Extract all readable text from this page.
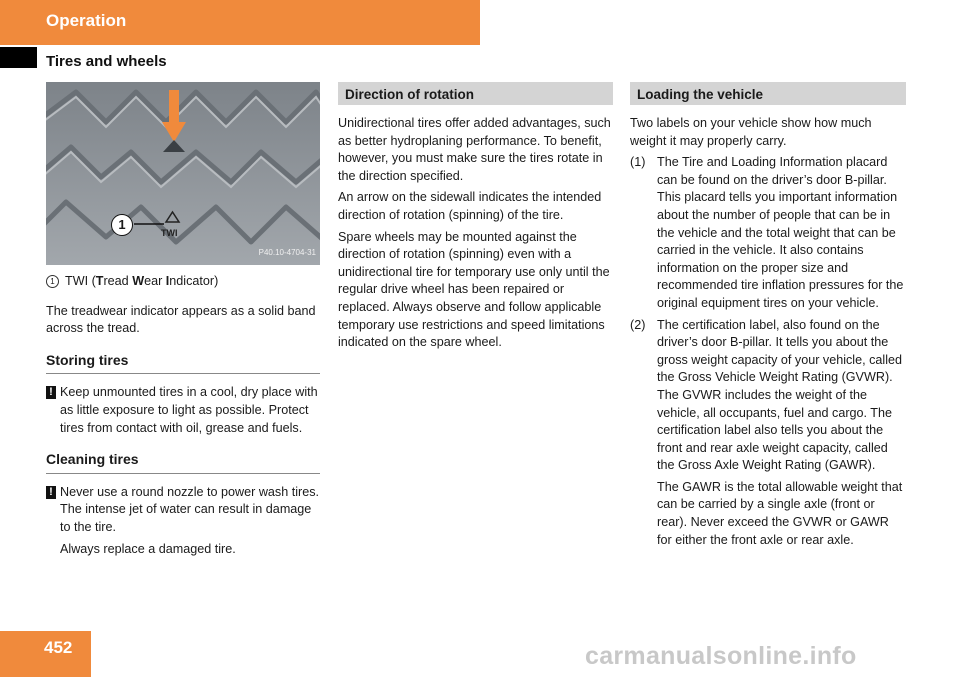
Operation
Tires and wheels
1
TWI
P40.10-4704-31

1 TWI (Tread Wear Indicator)

The treadwear indicator appears as a solid band across the tread.

Storing tires
! Keep unmounted tires in a cool, dry place with as little exposure to light as possible. Protect tires from contact with oil, grease and fuels.
Cleaning tires
! Never use a round nozzle to power wash tires. The intense jet of water can result in damage to the tire.

Always replace a damaged tire.

Direction of rotation

Unidirectional tires offer added advantages, such as better hydroplaning performance. To benefit, however, you must make sure the tires rotate in the direction specified.

An arrow on the sidewall indicates the intended direction of rotation (spinning) of the tire.

Spare wheels may be mounted against the direction of rotation (spinning) even with a unidirectional tire for temporary use only until the regular drive wheel has been repaired or replaced. Always observe and follow applicable temporary use restrictions and speed limitations indicated on the spare wheel.

Loading the vehicle

Two labels on your vehicle show how much weight it may properly carry.

(1) The Tire and Loading Information placard can be found on the driver’s door B-pillar. This placard tells you important information about the number of people that can be in the vehicle and the total weight that can be carried in the vehicle. It also contains information on the proper size and recommended tire inflation pressures for the original equipment tires on your vehicle.
(2) The certification label, also found on the driver’s door B-pillar. It tells you about the gross weight capacity of your vehicle, called the Gross Vehicle Weight Rating (GVWR). The GVWR includes the weight of the vehicle, all occupants, fuel and cargo. The certification label also tells you about the front and rear axle weight capacity, called the Gross Axle Weight Rating (GAWR).

The GAWR is the total allowable weight that can be carried by a single axle (front or rear). Never exceed the GVWR or GAWR for either the front axle or rear axle.

452	carmanualsonline.info
